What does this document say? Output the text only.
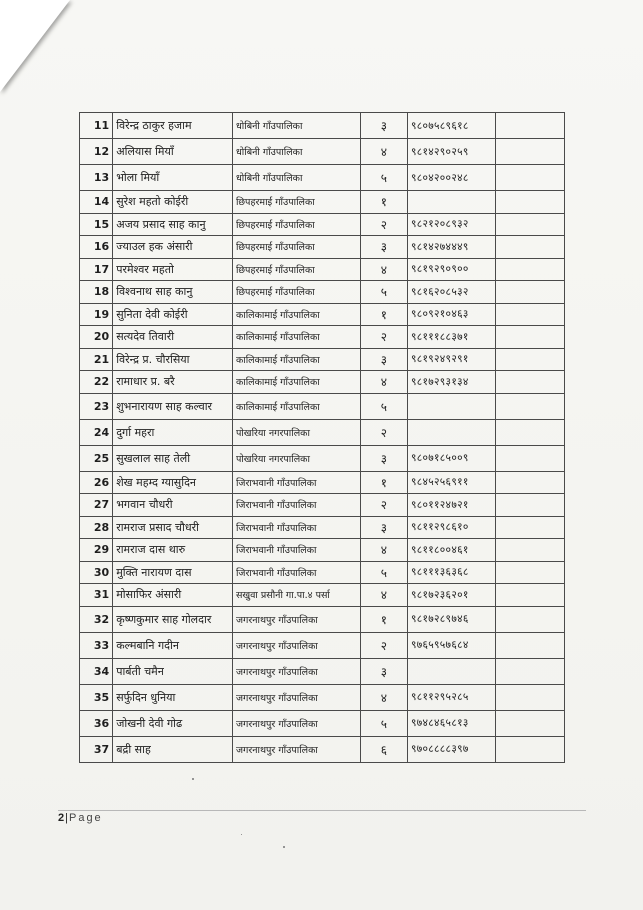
11	विरेन्द्र ठाकुर हजाम	धोबिनी गाँउपालिका	३	९८०७५८९६१८	
12	अलियास मियाँ	धोबिनी गाँउपालिका	४	९८१४२९०२५९	
13	भोला मियाँ	धोबिनी गाँउपालिका	५	९८०४२००२४८	
14	सुरेश महतो कोईरी	छिपहरमाई गाँउपालिका	१		
15	अजय प्रसाद साह कानु	छिपहरमाई गाँउपालिका	२	९८२१२०८९३२	
16	ज्याउल हक अंसारी	छिपहरमाई गाँउपालिका	३	९८१४२७४४४९	
17	परमेश्वर महतो	छिपहरमाई गाँउपालिका	४	९८१९२९०९००	
18	विश्वनाथ साह कानु	छिपहरमाई गाँउपालिका	५	९८१६२०८५३२	
19	सुनिता देवी कोईरी	कालिकामाई गाँउपालिका	१	९८०९२१०४६३	
20	सत्यदेव तिवारी	कालिकामाई गाँउपालिका	२	९८१११८८३७१	
21	विरेन्द्र प्र. चौरसिया	कालिकामाई गाँउपालिका	३	९८१९२४९२९१	
22	रामाधार प्र. बरै	कालिकामाई गाँउपालिका	४	९८१७२९३१३४	
23	शुभनारायण साह कल्वार	कालिकामाई गाँउपालिका	५		
24	दुर्गा महरा	पोखरिया नगरपालिका	२		
25	सुखलाल साह तेली	पोखरिया नगरपालिका	३	९८०७१८५००९	
26	शेख महम्द ग्यासुदिन	जिराभवानी गाँउपालिका	१	९८४५२५६९११	
27	भगवान चौधरी	जिराभवानी गाँउपालिका	२	९८०११२४७२१	
28	रामराज प्रसाद चौधरी	जिराभवानी गाँउपालिका	३	९८११२९८६१०	
29	रामराज दास थारु	जिराभवानी गाँउपालिका	४	९८११८००४६१	
30	मुक्ति नारायण दास	जिराभवानी गाँउपालिका	५	९८१११३६३६८	
31	मोसाफिर अंसारी	सखुवा प्रसौनी गा.पा.४ पर्सा	४	९८१७२३६२०१	
32	कृष्णकुमार साह गोलदार	जगरनाथपुर गाँउपालिका	१	९८१७२८९७४६	
33	कल्मबानि गदीन	जगरनाथपुर गाँउपालिका	२	९७६५९५७६८४	
34	पार्बती चमैन	जगरनाथपुर गाँउपालिका	३		
35	सर्फुदिन धुनिया	जगरनाथपुर गाँउपालिका	४	९८११२९५२८५	
36	जोखनी देवी गोढ	जगरनाथपुर गाँउपालिका	५	९७४८४६५८१३	
37	बद्री साह	जगरनाथपुर गाँउपालिका	६	९७०८८८८३९७	
2|Page
